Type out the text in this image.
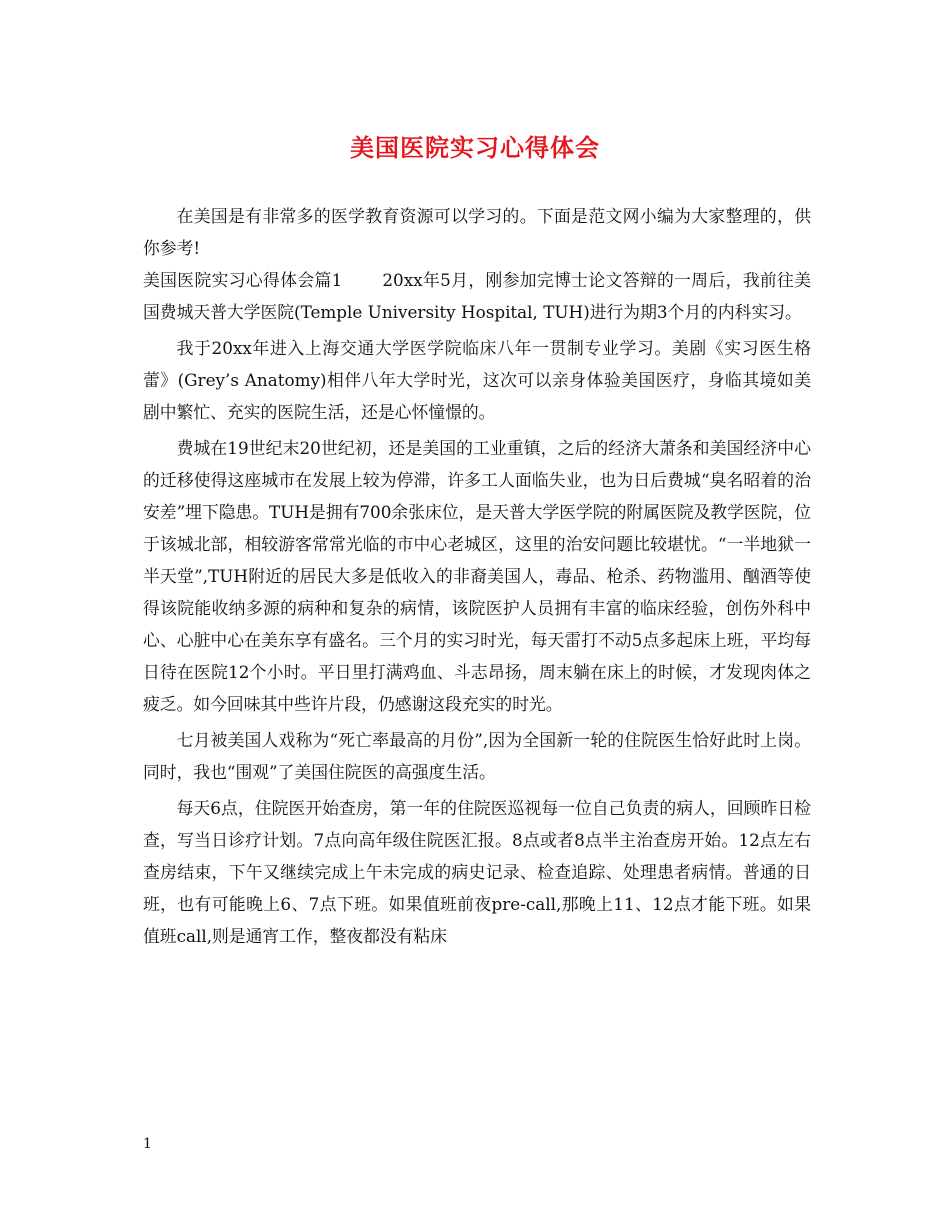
美国医院实习心得体会

在美国是有非常多的医学教育资源可以学习的。下面是范文网小编为大家整理的，供你参考!

美国医院实习心得体会篇1 20xx年5月，刚参加完博士论文答辩的一周后，我前往美国费城天普大学医院(Temple University Hospital, TUH)进行为期3个月的内科实习。

我于20xx年进入上海交通大学医学院临床八年一贯制专业学习。美剧《实习医生格蕾》(Grey’s Anatomy)相伴八年大学时光，这次可以亲身体验美国医疗，身临其境如美剧中繁忙、充实的医院生活，还是心怀憧憬的。

费城在19世纪末20世纪初，还是美国的工业重镇，之后的经济大萧条和美国经济中心的迁移使得这座城市在发展上较为停滞，许多工人面临失业，也为日后费城“臭名昭着的治安差”埋下隐患。TUH是拥有700余张床位，是天普大学医学院的附属医院及教学医院，位于该城北部，相较游客常常光临的市中心老城区，这里的治安问题比较堪忧。“一半地狱一半天堂”,TUH附近的居民大多是低收入的非裔美国人，毒品、枪杀、药物滥用、酗酒等使得该院能收纳多源的病种和复杂的病情，该院医护人员拥有丰富的临床经验，创伤外科中心、心脏中心在美东享有盛名。三个月的实习时光，每天雷打不动5点多起床上班，平均每日待在医院12个小时。平日里打满鸡血、斗志昂扬，周末躺在床上的时候，才发现肉体之疲乏。如今回味其中些许片段，仍感谢这段充实的时光。

七月被美国人戏称为“死亡率最高的月份”,因为全国新一轮的住院医生恰好此时上岗。同时，我也“围观”了美国住院医的高强度生活。

每天6点，住院医开始查房，第一年的住院医巡视每一位自己负责的病人，回顾昨日检查，写当日诊疗计划。7点向高年级住院医汇报。8点或者8点半主治查房开始。12点左右查房结束，下午又继续完成上午未完成的病史记录、检查追踪、处理患者病情。普通的日班，也有可能晚上6、7点下班。如果值班前夜pre-call,那晚上11、12点才能下班。如果值班call,则是通宵工作，整夜都没有粘床

1
